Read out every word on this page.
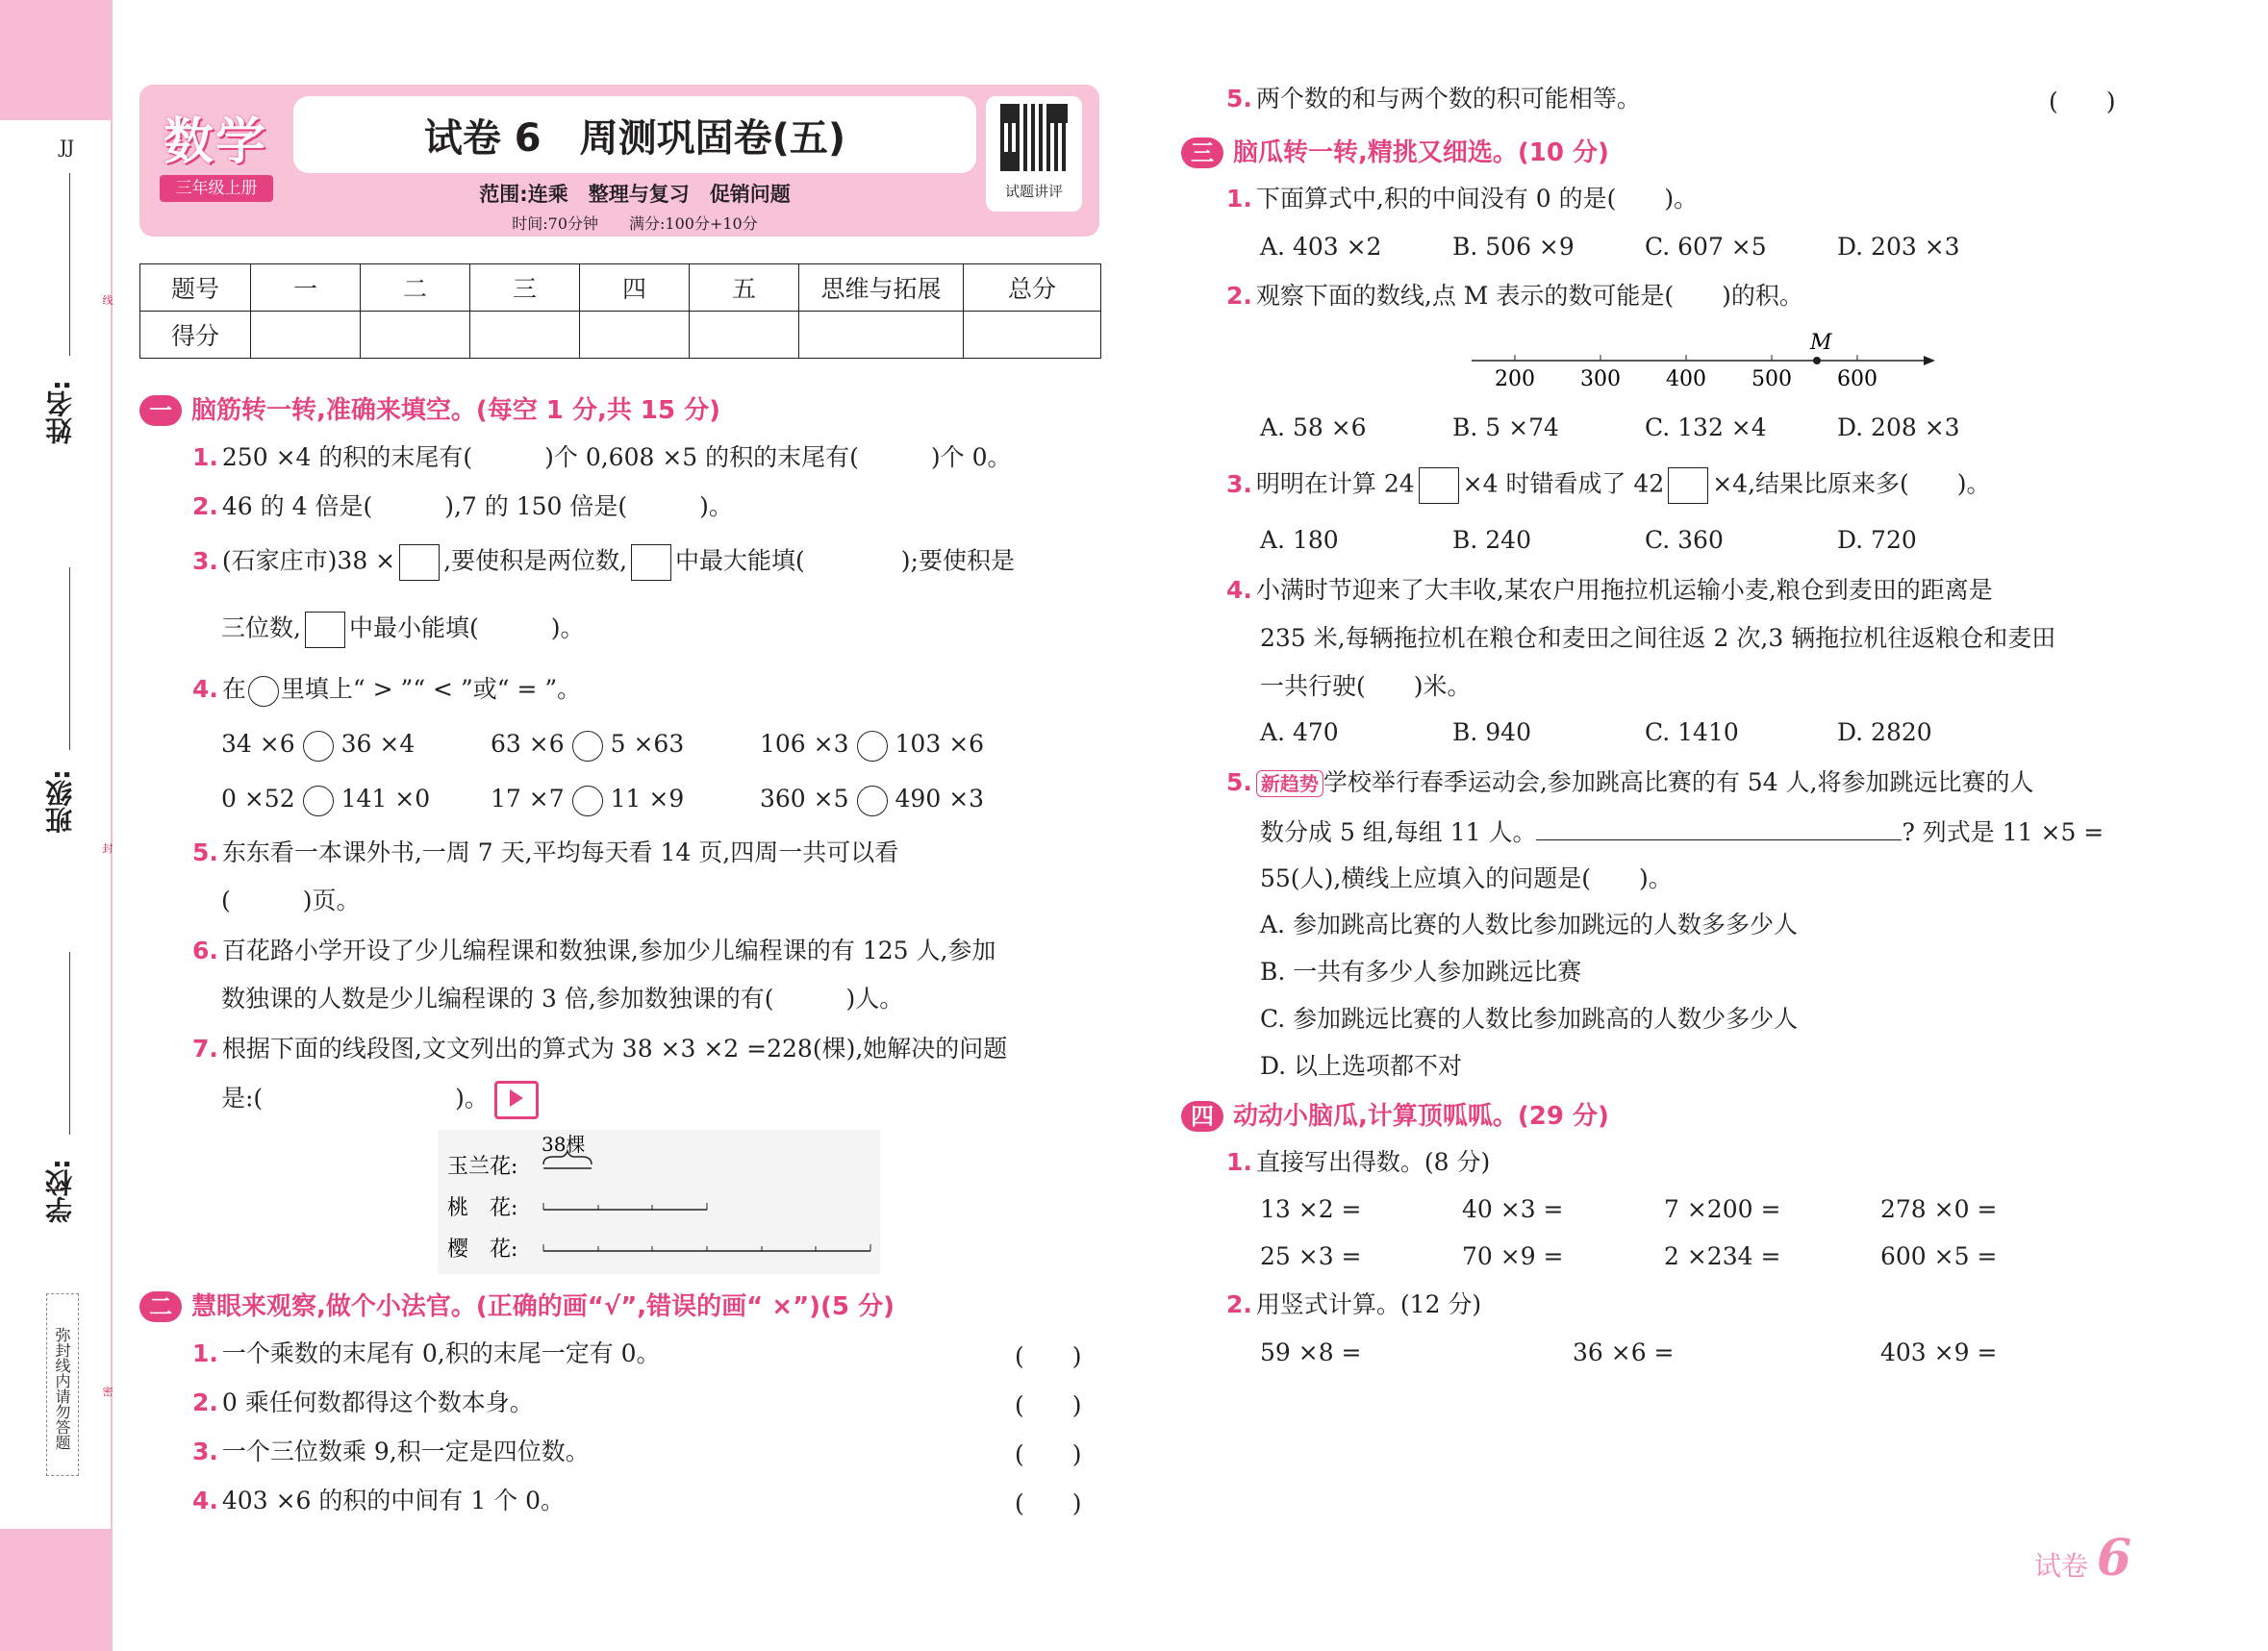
JJ
姓名:
班级:
学校:
线
封
密
弥封线内请勿答题
数学
三年级上册
试卷 6　周测巩固卷(五)
范围:连乘　整理与复习　促销问题
时间:70分钟　　满分:100分+10分
试题讲评
题号	一	二	三	四	五	思维与拓展	总分
得分							
一 脑筋转一转,准确来填空。(每空 1 分,共 15 分)
1. 250 ×4 的积的末尾有(　　　)个 0,608 ×5 的积的末尾有(　　　)个 0。
2. 46 的 4 倍是(　　　),7 的 150 倍是(　　　)。
3. (石家庄市)38 × ,要使积是两位数, 中最大能填(　　　　);要使积是
三位数, 中最小能填(　　　)。
4. 在 里填上“ > ”“ < ”或“ = ”。
34 ×6 36 ×4	63 ×6 5 ×63	106 ×3 103 ×6
0 ×52 141 ×0	17 ×7 11 ×9	360 ×5 490 ×3
5. 东东看一本课外书,一周 7 天,平均每天看 14 页,四周一共可以看
(　　　)页。
6. 百花路小学开设了少儿编程课和数独课,参加少儿编程课的有 125 人,参加
数独课的人数是少儿编程课的 3 倍,参加数独课的有(　　　)人。
7. 根据下面的线段图,文文列出的算式为 38 ×3 ×2 =228(棵),她解决的问题
是:(　　　　　　　　)。
玉兰花:
桃　花:
樱　花:
38棵
二 慧眼来观察,做个小法官。(正确的画“√”,错误的画“ ×”)(5 分)
1. 一个乘数的末尾有 0,积的末尾一定有 0。	(　　)
2. 0 乘任何数都得这个数本身。	(　　)
3. 一个三位数乘 9,积一定是四位数。	(　　)
4. 403 ×6 的积的中间有 1 个 0。	(　　)
5. 两个数的和与两个数的积可能相等。	(　　)
三 脑瓜转一转,精挑又细选。(10 分)
1. 下面算式中,积的中间没有 0 的是(　　)。
A. 403 ×2	B. 506 ×9	C. 607 ×5	D. 203 ×3
2. 观察下面的数线,点 M 表示的数可能是(　　)的积。
200 300 400 500 600
M
A. 58 ×6	B. 5 ×74	C. 132 ×4	D. 208 ×3
3. 明明在计算 24 ×4 时错看成了 42 ×4,结果比原来多(　　)。
A. 180	B. 240	C. 360	D. 720
4. 小满时节迎来了大丰收,某农户用拖拉机运输小麦,粮仓到麦田的距离是
235 米,每辆拖拉机在粮仓和麦田之间往返 2 次,3 辆拖拉机往返粮仓和麦田
一共行驶(　　)米。
A. 470	B. 940	C. 1410	D. 2820
5. 新趋势 学校举行春季运动会,参加跳高比赛的有 54 人,将参加跳远比赛的人
数分成 5 组,每组 11 人。	? 列式是 11 ×5 =
55(人),横线上应填入的问题是(　　)。
A. 参加跳高比赛的人数比参加跳远的人数多多少人
B. 一共有多少人参加跳远比赛
C. 参加跳远比赛的人数比参加跳高的人数少多少人
D. 以上选项都不对
四 动动小脑瓜,计算顶呱呱。(29 分)
1. 直接写出得数。(8 分)
13 ×2 =	40 ×3 =	7 ×200 =	278 ×0 =
25 ×3 =	70 ×9 =	2 ×234 =	600 ×5 =
2. 用竖式计算。(12 分)
59 ×8 =	36 ×6 =	403 ×9 =
试卷 6
